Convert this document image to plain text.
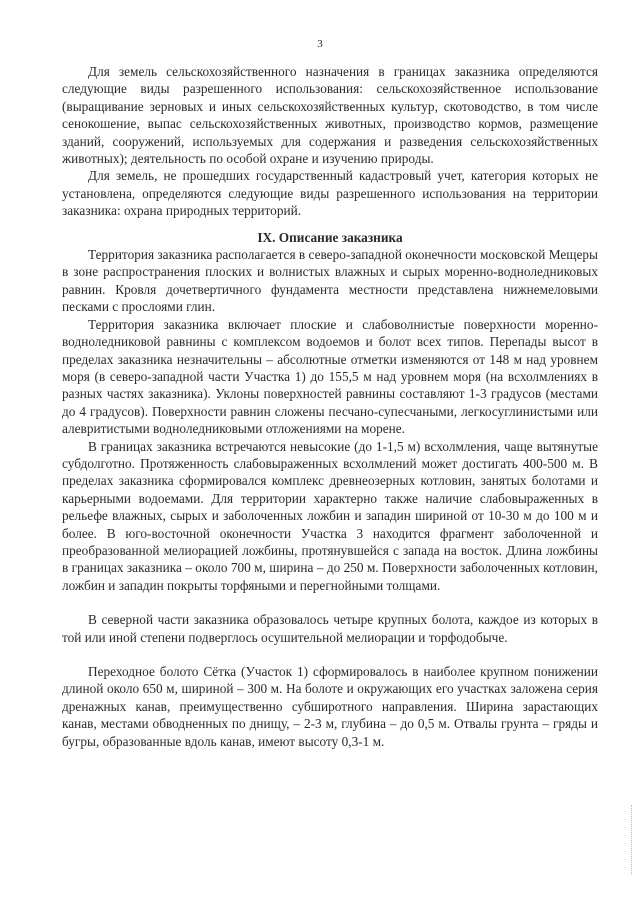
3

Для земель сельскохозяйственного назначения в границах заказника определяются следующие виды разрешенного использования: сельскохозяйственное использование (выращивание зерновых и иных сельскохозяйственных культур, скотоводство, в том числе сенокошение, выпас сельскохозяйственных животных, производство кормов, размещение зданий, сооружений, используемых для содержания и разведения сельскохозяйственных животных); деятельность по особой охране и изучению природы.

Для земель, не прошедших государственный кадастровый учет, категория которых не установлена, определяются следующие виды разрешенного использования на территории заказника: охрана природных территорий.

IX. Описание заказника

Территория заказника располагается в северо-западной оконечности московской Мещеры в зоне распространения плоских и волнистых влажных и сырых моренно-водноледниковых равнин. Кровля дочетвертичного фундамента местности представлена нижнемеловыми песками с прослоями глин.

Территория заказника включает плоские и слабоволнистые поверхности моренно-водноледниковой равнины с комплексом водоемов и болот всех типов. Перепады высот в пределах заказника незначительны – абсолютные отметки изменяются от 148 м над уровнем моря (в северо-западной части Участка 1) до 155,5 м над уровнем моря (на всхолмлениях в разных частях заказника). Уклоны поверхностей равнины составляют 1-3 градусов (местами до 4 градусов). Поверхности равнин сложены песчано-супесчаными, легкосуглинистыми или алевритистыми водноледниковыми отложениями на морене.

В границах заказника встречаются невысокие (до 1-1,5 м) всхолмления, чаще вытянутые субдолготно. Протяженность слабовыраженных всхолмлений может достигать 400-500 м. В пределах заказника сформировался комплекс древнеозерных котловин, занятых болотами и карьерными водоемами. Для территории характерно также наличие слабовыраженных в рельефе влажных, сырых и заболоченных ложбин и западин шириной от 10-30 м до 100 м и более. В юго-восточной оконечности Участка 3 находится фрагмент заболоченной и преобразованной мелиорацией ложбины, протянувшейся с запада на восток. Длина ложбины в границах заказника – около 700 м, ширина – до 250 м. Поверхности заболоченных котловин, ложбин и западин покрыты торфяными и перегнойными толщами.

В северной части заказника образовалось четыре крупных болота, каждое из которых в той или иной степени подверглось осушительной мелиорации и торфодобыче.

Переходное болото Сётка (Участок 1) сформировалось в наиболее крупном понижении длиной около 650 м, шириной – 300 м. На болоте и окружающих его участках заложена серия дренажных канав, преимущественно субширотного направления. Ширина зарастающих канав, местами обводненных по днищу, – 2-3 м, глубина – до 0,5 м. Отвалы грунта – гряды и бугры, образованные вдоль канав, имеют высоту 0,3-1 м.
